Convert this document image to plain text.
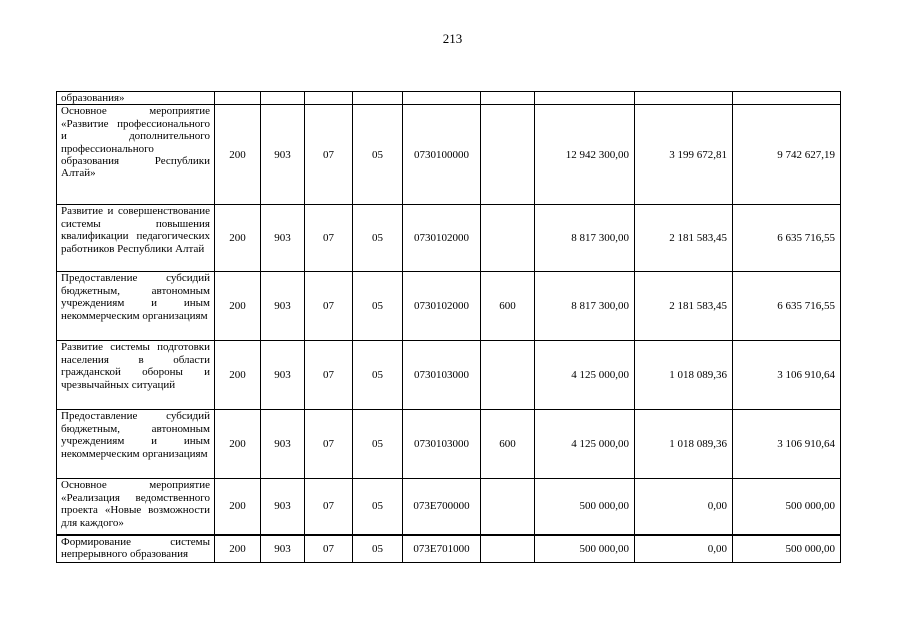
213
образования»									

Основное мероприятие «Развитие профессионального и дополнительного профессионального образования Республики Алтай»	200	903	07	05	0730100000		12 942 300,00	3 199 672,81	9 742 627,19

Развитие и совершенствование системы повышения квалификации педагогических работников Республики Алтай	200	903	07	05	0730102000		8 817 300,00	2 181 583,45	6 635 716,55

Предоставление субсидий бюджетным, автономным учреждениям и иным некоммерческим организациям	200	903	07	05	0730102000	600	8 817 300,00	2 181 583,45	6 635 716,55

Развитие системы подготовки населения в области гражданской обороны и чрезвычайных ситуаций	200	903	07	05	0730103000		4 125 000,00	1 018 089,36	3 106 910,64

Предоставление субсидий бюджетным, автономным учреждениям и иным некоммерческим организациям	200	903	07	05	0730103000	600	4 125 000,00	1 018 089,36	3 106 910,64

Основное мероприятие «Реализация ведомственного проекта «Новые возможности для каждого»	200	903	07	05	073E700000		500 000,00	0,00	500 000,00

Формирование системы непрерывного образования	200	903	07	05	073E701000		500 000,00	0,00	500 000,00
